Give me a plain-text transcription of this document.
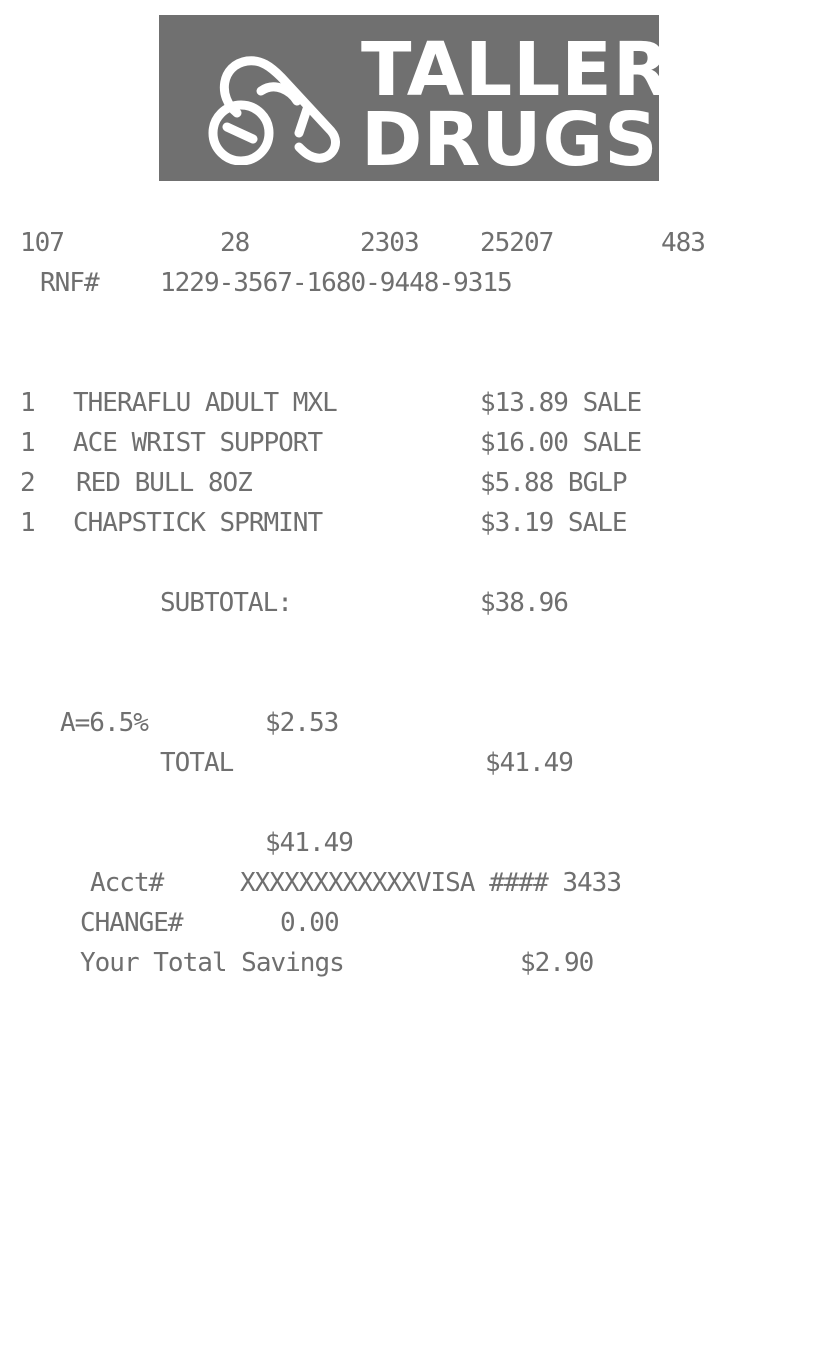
TALLER
DRUGS
107	28	2303 25207	483
RNF# 1229-3567-1680-9448-9315
1 THERAFLU ADULT MXL	$13.89 SALE
1 ACE WRIST SUPPORT	$16.00 SALE
2 RED BULL 8OZ	$5.88 BGLP
1 CHAPSTICK SPRMINT	$3.19 SALE
SUBTOTAL:	$38.96
A=6.5%	$2.53
TOTAL	$41.49
$41.49
Acct#	XXXXXXXXXXXXVISA #### 3433
CHANGE#	0.00
Your Total Savings	$2.90
